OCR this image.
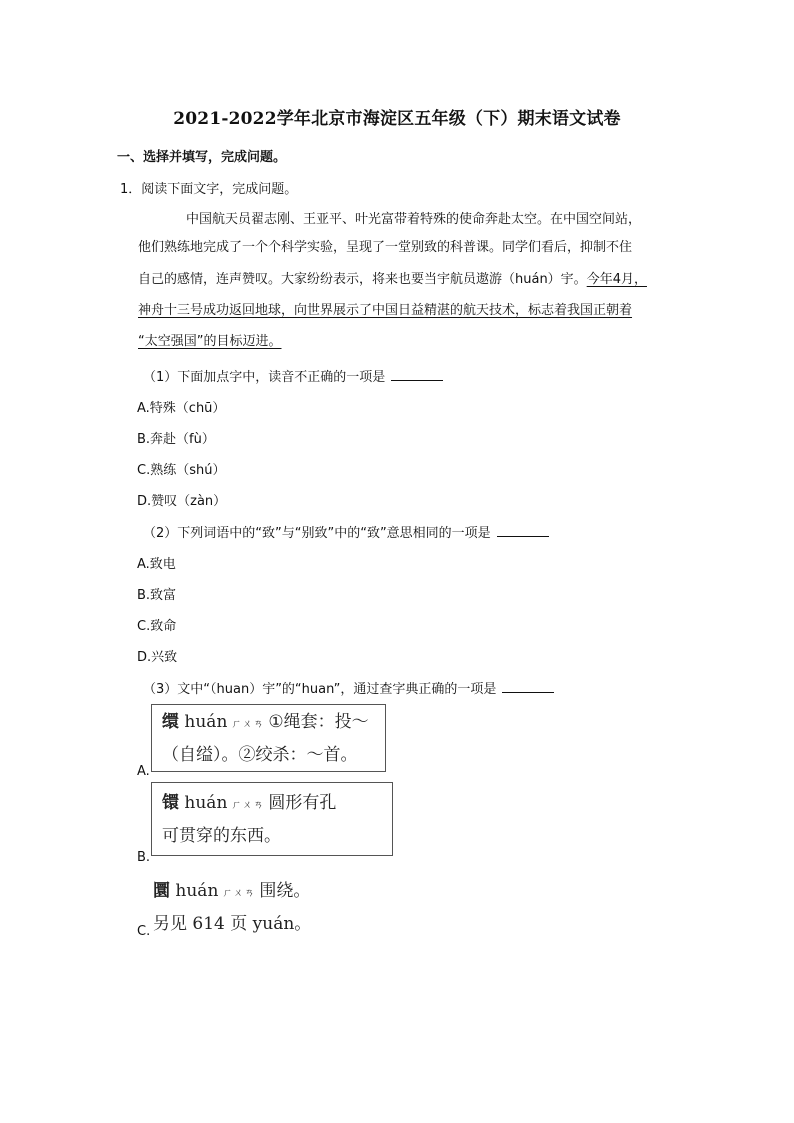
2021-2022学年北京市海淀区五年级（下）期末语文试卷
一、选择并填写，完成问题。
1．阅读下面文字，完成问题。
中国航天员翟志刚、王亚平、叶光富带着特殊的使命奔赴太空。在中国空间站，
他们熟练地完成了一个个科学实验，呈现了一堂别致的科普课。同学们看后，抑制不住
自己的感情，连声赞叹。大家纷纷表示，将来也要当宇航员遨游（huán）宇。今年4月，
神舟十三号成功返回地球，向世界展示了中国日益精湛的航天技术，标志着我国正朝着
“太空强国”的目标迈进。
（1）下面加点字中，读音不正确的一项是
A.特殊（chū）
B.奔赴（fù）
C.熟练（shú）
D.赞叹（zàn）
（2）下列词语中的“致”与“别致”中的“致”意思相同的一项是
A.致电
B.致富
C.致命
D.兴致
（3）文中“（huan）宇”的“huan”，通过查字典正确的一项是
缳 huán ㄏㄨㄢ ①绳套：投～
（自缢）。②绞杀：～首。
A.
镮 huán ㄏㄨㄢ 圆形有孔
可贯穿的东西。
B.
圜 huán ㄏㄨㄢ 围绕。
另见 614 页 yuán。
C.
